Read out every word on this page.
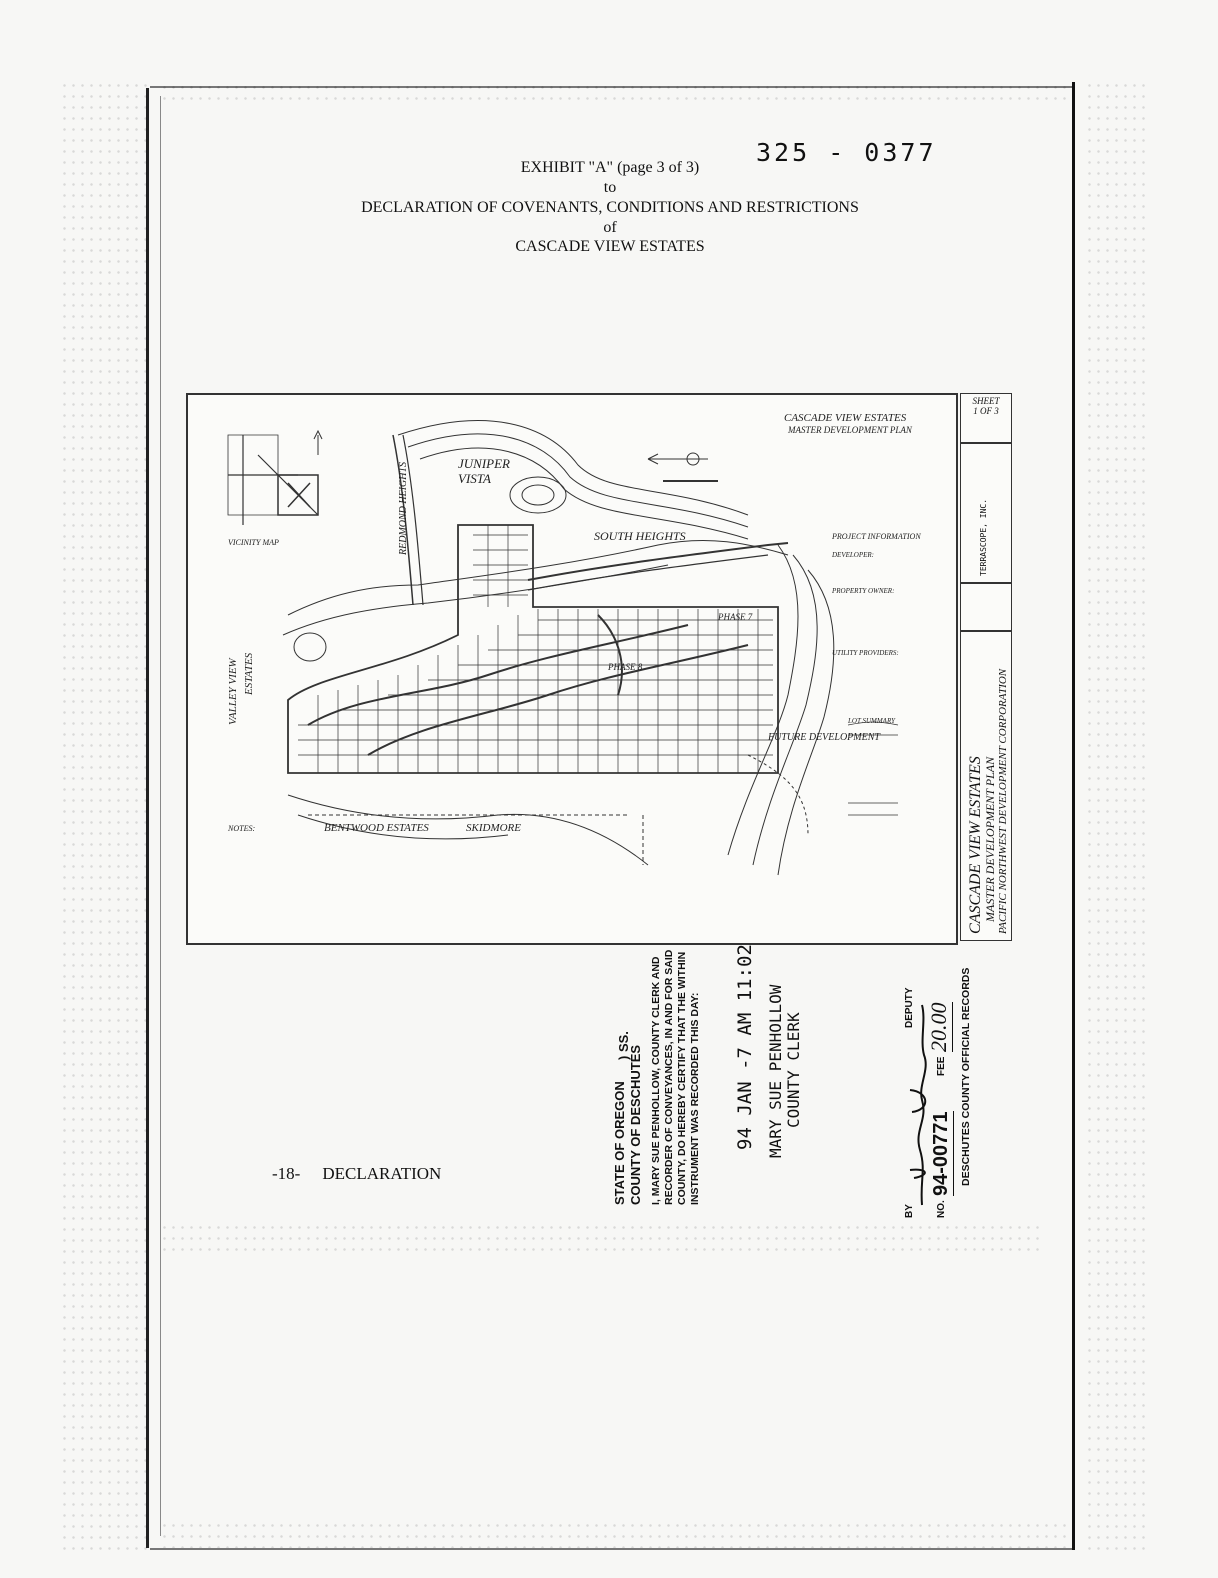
325 - 0377
EXHIBIT "A" (page 3 of 3)
to
DECLARATION OF COVENANTS, CONDITIONS AND RESTRICTIONS
of
CASCADE VIEW ESTATES
JUNIPER
VISTA
SOUTH HEIGHTS
CASCADE VIEW ESTATES
MASTER DEVELOPMENT PLAN
FUTURE DEVELOPMENT
BENTWOOD ESTATES	SKIDMORE
VICINITY MAP
NOTES:
PHASE 7
PHASE 8
PROJECT INFORMATION
DEVELOPER:
PROPERTY OWNER:
UTILITY PROVIDERS:
LOT SUMMARY
REDMOND HEIGHTS
VALLEY VIEW ESTATES
SHEET
1 OF 3
TERRASCOPE, INC.
CASCADE VIEW ESTATES MASTER DEVELOPMENT PLAN PACIFIC NORTHWEST DEVELOPMENT CORPORATION
-18- DECLARATION	STATE OF OREGON COUNTY OF DESCHUTES
) SS. I, MARY SUE PENHOLLOW, COUNTY CLERK AND RECORDER OF CONVEYANCES, IN AND FOR SAID COUNTY, DO HEREBY CERTIFY THAT THE WITHIN INSTRUMENT WAS RECORDED THIS DAY: 94 JAN -7 AM 11:02 MARY SUE PENHOLLOW COUNTY CLERK
BY
DEPUTY
NO.
94-00771
FEE
20.00 DESCHUTES COUNTY OFFICIAL RECORDS
